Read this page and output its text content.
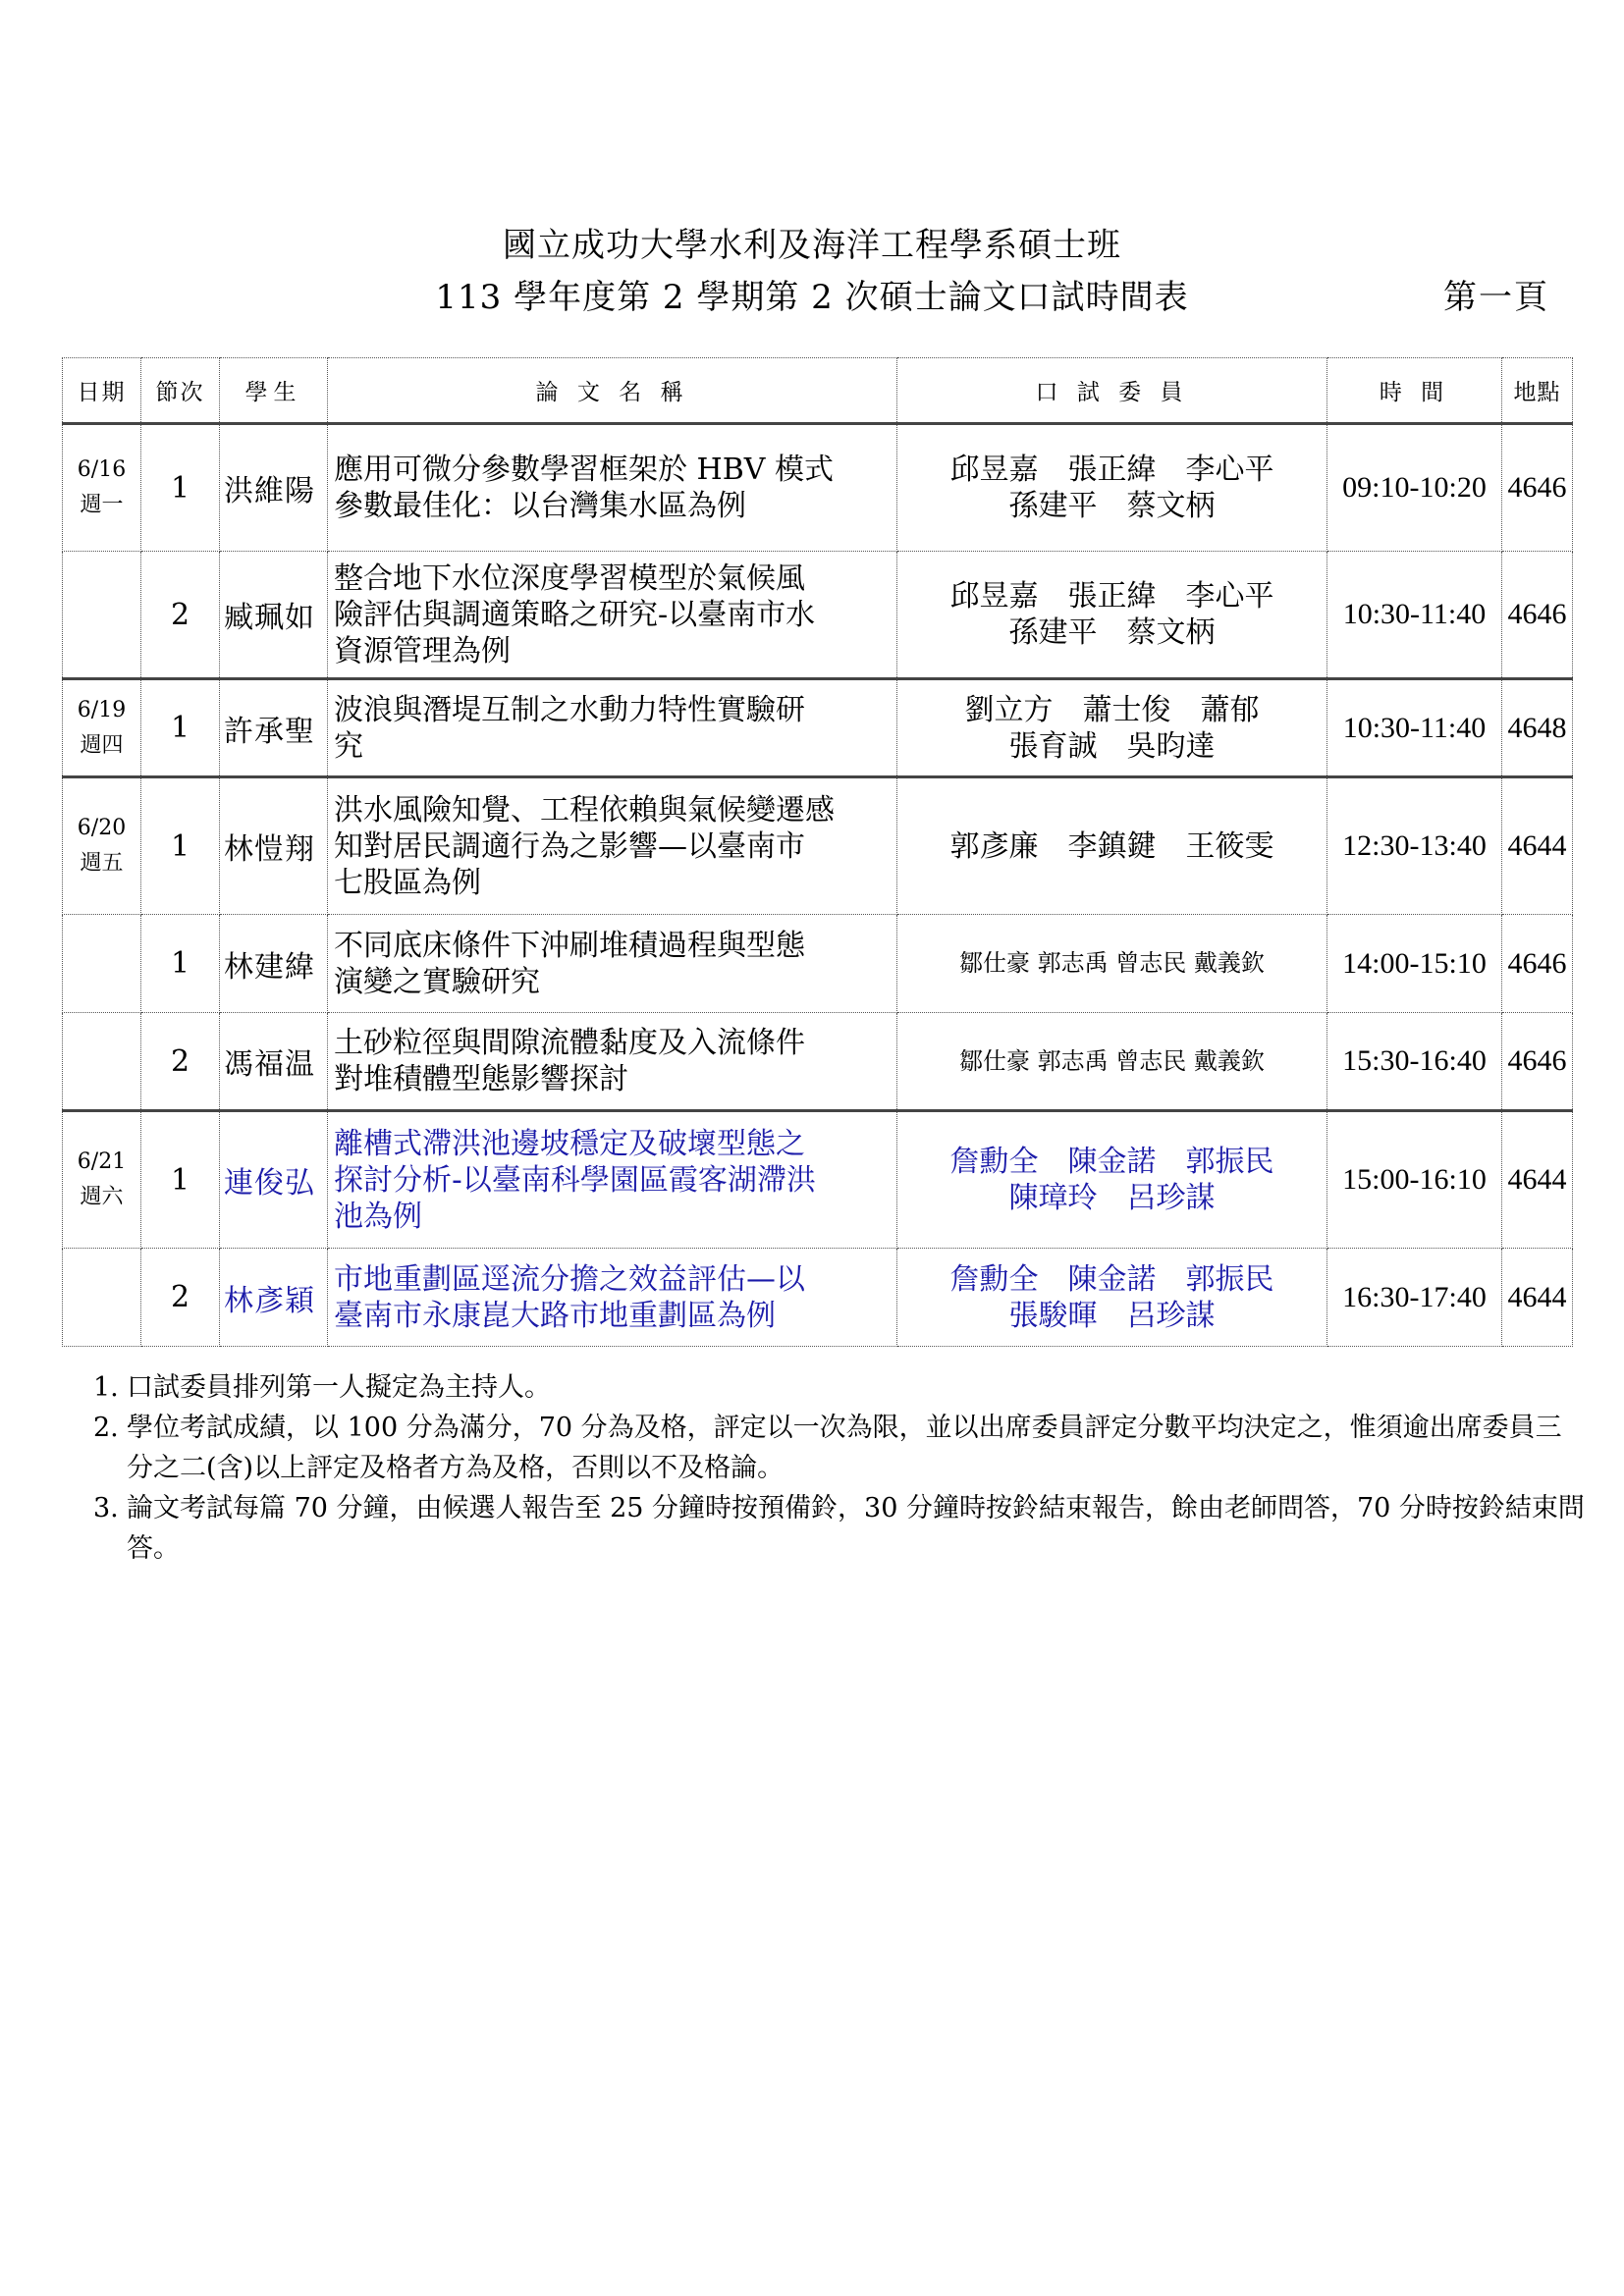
國立成功大學水利及海洋工程學系碩士班
113 學年度第 2 學期第 2 次碩士論文口試時間表	第一頁
日期	節次	學生	論 文 名 稱	口 試 委 員	時 間	地點

6/16
週一	1	洪維陽	應用可微分參數學習框架於 HBV 模式
參數最佳化：以台灣集水區為例	邱昱嘉　張正緯　李心平
孫建平　蔡文柄	09:10-10:20	4646

	2	臧珮如	整合地下水位深度學習模型於氣候風
險評估與調適策略之研究-以臺南市水
資源管理為例	邱昱嘉　張正緯　李心平
孫建平　蔡文柄	10:30-11:40	4646

6/19
週四	1	許承聖	波浪與潛堤互制之水動力特性實驗研
究	劉立方　蕭士俊　蕭郁
張育誠　吳昀達	10:30-11:40	4648

6/20
週五	1	林愷翔	洪水風險知覺、工程依賴與氣候變遷感
知對居民調適行為之影響—以臺南市
七股區為例	郭彥廉　李鎮鍵　王筱雯	12:30-13:40	4644

	1	林建緯	不同底床條件下沖刷堆積過程與型態
演變之實驗研究	鄒仕豪 郭志禹 曾志民 戴義欽	14:00-15:10	4646

	2	馮福温	土砂粒徑與間隙流體黏度及入流條件
對堆積體型態影響探討	鄒仕豪 郭志禹 曾志民 戴義欽	15:30-16:40	4646

6/21
週六	1	連俊弘	離槽式滯洪池邊坡穩定及破壞型態之
探討分析-以臺南科學園區霞客湖滯洪
池為例	詹勳全　陳金諾　郭振民
陳璋玲　呂珍謀	15:00-16:10	4644

	2	林彥穎	市地重劃區逕流分擔之效益評估—以
臺南市永康崑大路市地重劃區為例	詹勳全　陳金諾　郭振民
張駿暉　呂珍謀	16:30-17:40	4644
1. 口試委員排列第一人擬定為主持人。
2. 學位考試成績，以 100 分為滿分，70 分為及格，評定以一次為限，並以出席委員評定分數平均決定之，惟須逾出席委員三分之二(含)以上評定及格者方為及格，否則以不及格論。
3. 論文考試每篇 70 分鐘，由候選人報告至 25 分鐘時按預備鈴，30 分鐘時按鈴結束報告，餘由老師問答，70 分時按鈴結束問答。
